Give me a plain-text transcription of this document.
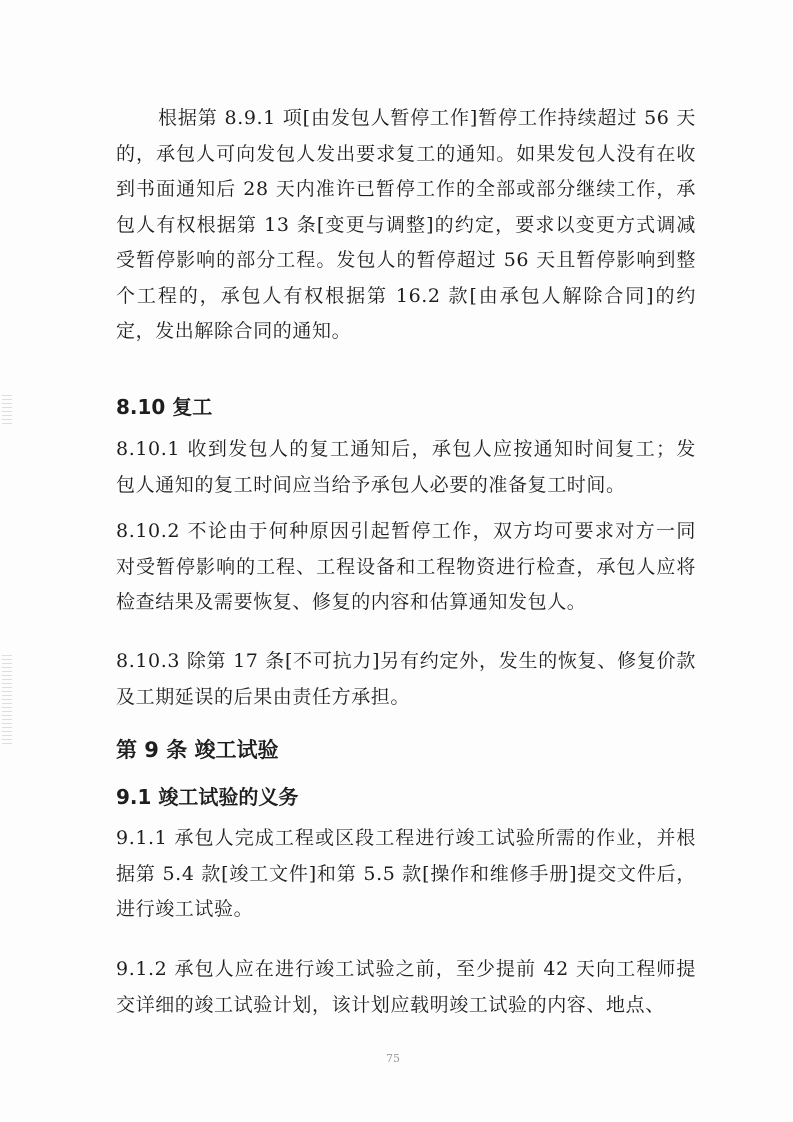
根据第 8.9.1 项[由发包人暂停工作]暂停工作持续超过 56 天的，承包人可向发包人发出要求复工的通知。如果发包人没有在收到书面通知后 28 天内准许已暂停工作的全部或部分继续工作，承包人有权根据第 13 条[变更与调整]的约定，要求以变更方式调减受暂停影响的部分工程。发包人的暂停超过 56 天且暂停影响到整个工程的，承包人有权根据第 16.2 款[由承包人解除合同]的约定，发出解除合同的通知。

8.10 复工

8.10.1 收到发包人的复工通知后，承包人应按通知时间复工；发包人通知的复工时间应当给予承包人必要的准备复工时间。

8.10.2 不论由于何种原因引起暂停工作，双方均可要求对方一同对受暂停影响的工程、工程设备和工程物资进行检查，承包人应将检查结果及需要恢复、修复的内容和估算通知发包人。

8.10.3 除第 17 条[不可抗力]另有约定外，发生的恢复、修复价款及工期延误的后果由责任方承担。

第 9 条 竣工试验
9.1 竣工试验的义务

9.1.1 承包人完成工程或区段工程进行竣工试验所需的作业，并根据第 5.4 款[竣工文件]和第 5.5 款[操作和维修手册]提交文件后，进行竣工试验。

9.1.2 承包人应在进行竣工试验之前，至少提前 42 天向工程师提交详细的竣工试验计划，该计划应载明竣工试验的内容、地点、

75
